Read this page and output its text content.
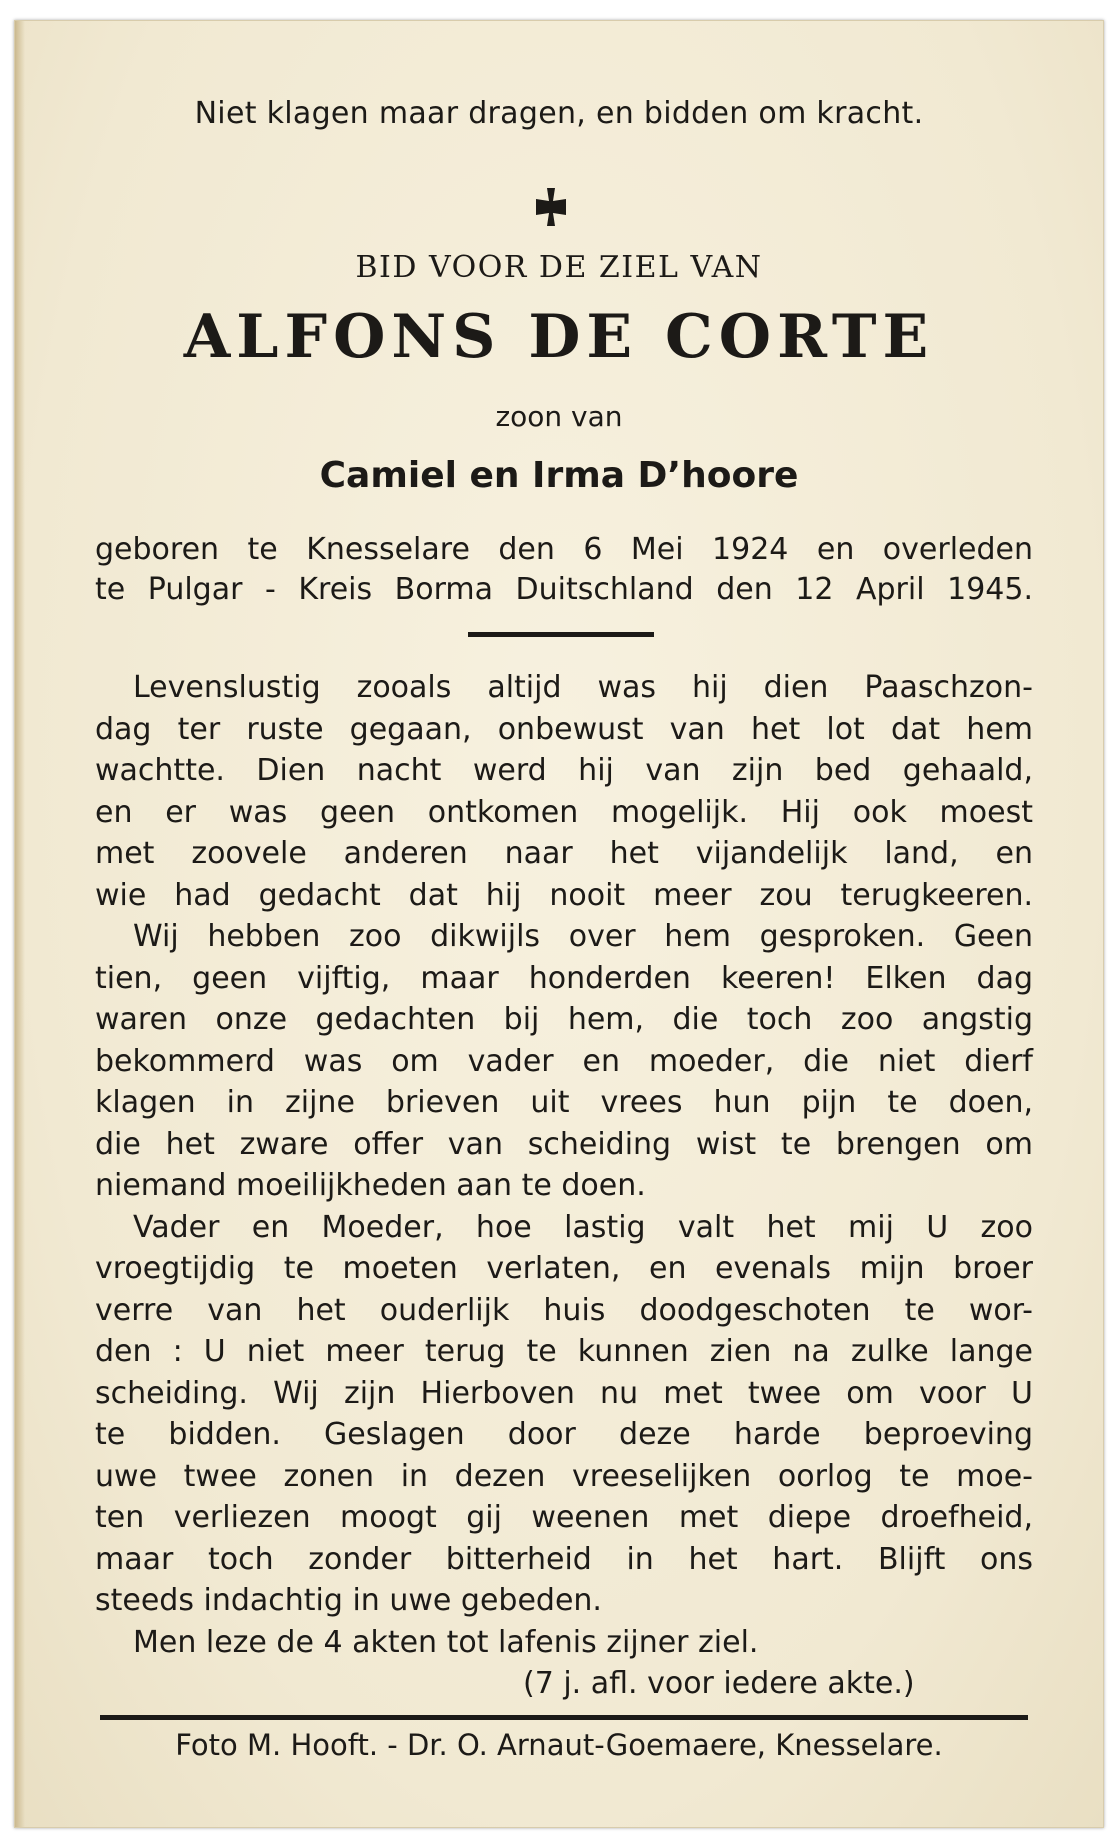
Niet klagen maar dragen, en bidden om kracht.
BID VOOR DE ZIEL VAN
ALFONS DE CORTE
zoon van
Camiel en Irma D’hoore
geboren te Knesselare den 6 Mei 1924 en overleden
te Pulgar - Kreis Borma Duitschland den 12 April 1945.
Levenslustig zooals altijd was hij dien Paaschzon-
dag ter ruste gegaan, onbewust van het lot dat hem
wachtte. Dien nacht werd hij van zijn bed gehaald,
en er was geen ontkomen mogelijk. Hij ook moest
met zoovele anderen naar het vijandelijk land, en
wie had gedacht dat hij nooit meer zou terugkeeren.
Wij hebben zoo dikwijls over hem gesproken. Geen
tien, geen vijftig, maar honderden keeren! Elken dag
waren onze gedachten bij hem, die toch zoo angstig
bekommerd was om vader en moeder, die niet dierf
klagen in zijne brieven uit vrees hun pijn te doen,
die het zware offer van scheiding wist te brengen om
niemand moeilijkheden aan te doen.
Vader en Moeder, hoe lastig valt het mij U zoo
vroegtijdig te moeten verlaten, en evenals mijn broer
verre van het ouderlijk huis doodgeschoten te wor-
den : U niet meer terug te kunnen zien na zulke lange
scheiding. Wij zijn Hierboven nu met twee om voor U
te bidden. Geslagen door deze harde beproeving
uwe twee zonen in dezen vreeselijken oorlog te moe-
ten verliezen moogt gij weenen met diepe droefheid,
maar toch zonder bitterheid in het hart. Blijft ons
steeds indachtig in uwe gebeden.
Men leze de 4 akten tot lafenis zijner ziel.
(7 j. afl. voor iedere akte.)
Foto M. Hooft. - Dr. O. Arnaut-Goemaere, Knesselare.
